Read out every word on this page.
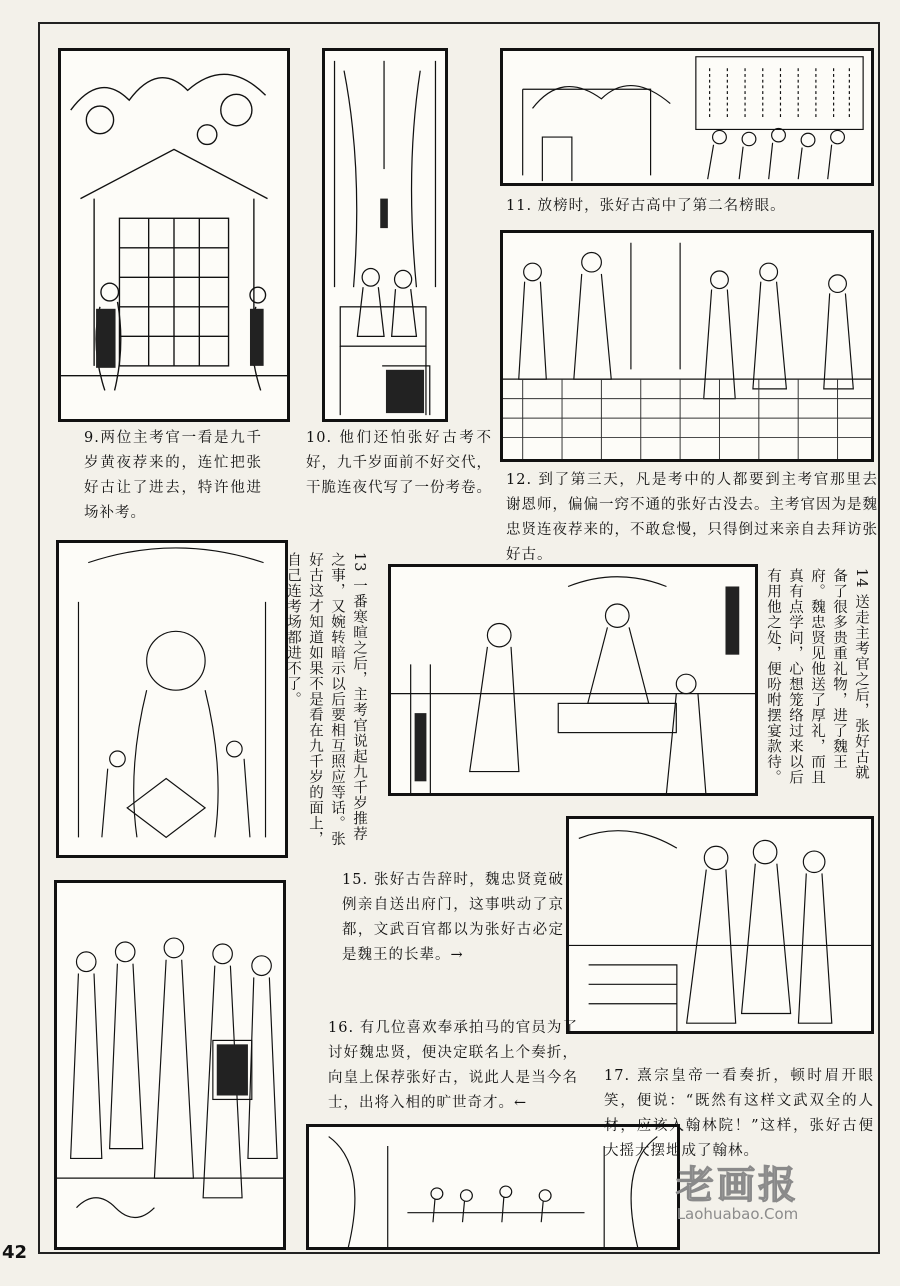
9.两位主考官一看是九千岁黄夜荐来的，连忙把张好古让了进去，特许他进场补考。
10. 他们还怕张好古考不好，九千岁面前不好交代，干脆连夜代写了一份考卷。
11. 放榜时，张好古高中了第二名榜眼。
12. 到了第三天，凡是考中的人都要到主考官那里去谢恩师，偏偏一窍不通的张好古没去。主考官因为是魏忠贤连夜荐来的，不敢怠慢，只得倒过来亲自去拜访张好古。
13 一番寒暄之后，主考官说起九千岁推荐之事，又婉转暗示以后要相互照应等话。张好古这才知道如果不是看在九千岁的面上，自己连考场都进不了。	14 送走主考官之后，张好古就备了很多贵重礼物，进了魏王府。魏忠贤见他送了厚礼，而且真有点学问，心想笼络过来以后有用他之处，便吩咐摆宴款待。
15. 张好古告辞时，魏忠贤竟破例亲自送出府门，这事哄动了京都，文武百官都以为张好古必定是魏王的长辈。→
16. 有几位喜欢奉承拍马的官员为了讨好魏忠贤，便决定联名上个奏折，向皇上保荐张好古，说此人是当今名士，出将入相的旷世奇才。←
17. 熹宗皇帝一看奏折，顿时眉开眼笑，便说：“既然有这样文武双全的人材，应该入翰林院！”这样，张好古便大摇大摆地成了翰林。
42
老画报
Laohuabao.Com
